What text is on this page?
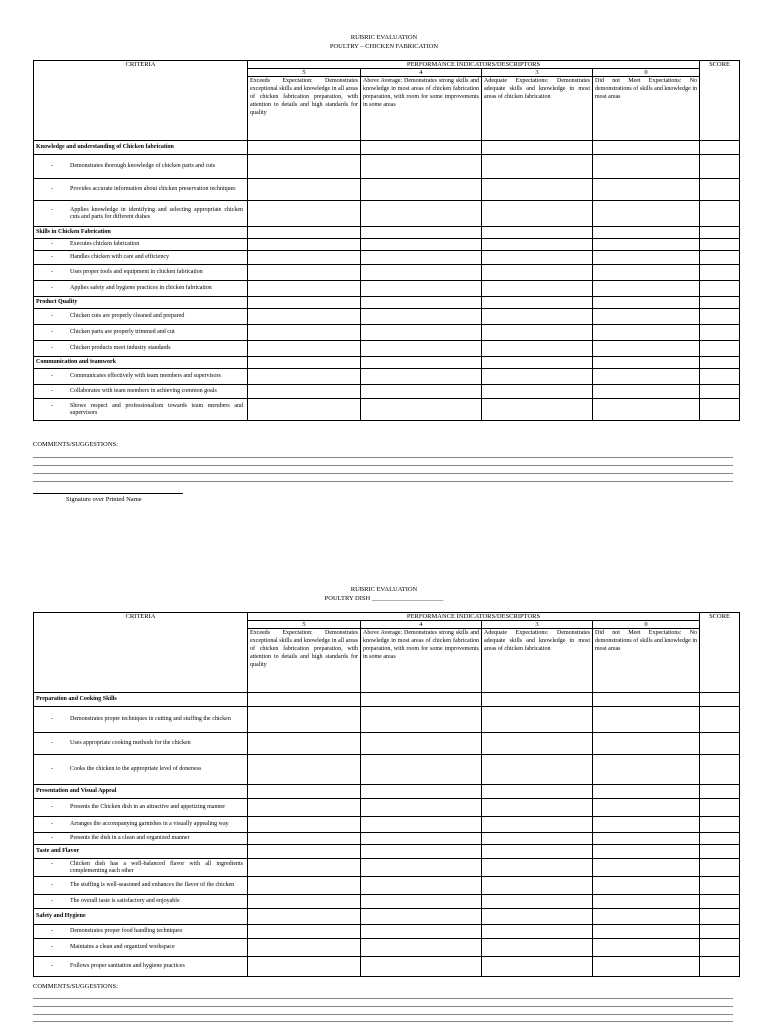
RUBRIC EVALUATION
POULTRY – CHICKEN FABRICATION
CRITERIA	PERFORMANCE INDICATORS/DESCRIPTORS				SCORE
	5	4	3	0	
	Exceeds Expectation: Demonstrates exceptional skills and knowledge in all areas of chicken fabrication preparation, with attention to details and high standards for quality	Above Average: Demonstrates strong skills and knowledge in most areas of chicken fabrication preparation, with room for some improvements in some areas	Adequate Expectations: Demonstrates adequate skills and knowledge in most areas of chicken fabrication	Did not Meet Expectations: No demonstrations of skills and knowledge in most areas	
Knowledge and understanding of Chicken fabrication					

- Demonstrates thorough knowledge of chicken parts and cuts					

- Provides accurate information about chicken preservation techniques					

- Applies knowledge in identifying and selecting appropriate chicken cuts and parts for different dishes					

Skills in Chicken Fabrication					

- Executes chicken fabrication					

- Handles chicken with care and efficiency					

- Uses proper tools and equipment in chicken fabrication					

- Applies safety and hygiene practices in chicken fabrication					

Product Quality					

- Chicken cuts are properly cleaned and prepared					

- Chicken parts are properly trimmed and cut					

- Chicken products meet industry standards					

Communication and teamwork					

- Communicates effectively with team members and supervisors					

- Collaborates with team members in achieving common goals					

- Shows respect and professionalism towards team members and supervisors					

COMMENTS/SUGGESTIONS:
Signature over Printed Name
RUBRIC EVALUATION
POULTRY DISH ______________________
CRITERIA	PERFORMANCE INDICATORS/DESCRIPTORS				SCORE
	5	4	3	0	
	Exceeds Expectation: Demonstrates exceptional skills and knowledge in all areas of chicken fabrication preparation, with attention to details and high standards for quality	Above Average: Demonstrates strong skills and knowledge in most areas of chicken fabrication preparation, with room for some improvements in some areas	Adequate Expectations: Demonstrates adequate skills and knowledge in most areas of chicken fabrication	Did not Meet Expectations: No demonstrations of skills and knowledge in most areas	
Preparation and Cooking Skills					

- Demonstrates proper techniques in cutting and stuffing the chicken					

- Uses appropriate cooking methods for the chicken					

- Cooks the chicken to the appropriate level of doneness					

Presentation and Visual Appeal					

- Presents the Chicken dish in an attractive and appetizing manner					

- Arranges the accompanying garnishes in a visually appealing way					

- Presents the dish in a clean and organized manner					

Taste and Flavor					

- Chicken dish has a well-balanced flavor with all ingredients complementing each other					

- The stuffing is well-seasoned and enhances the flavor of the chicken					

- The overall taste is satisfactory and enjoyable					

Safety and Hygiene					

- Demonstrates proper food handling techniques					

- Maintains a clean and organized workspace					

- Follows proper sanitation and hygiene practices					

COMMENTS/SUGGESTIONS:
